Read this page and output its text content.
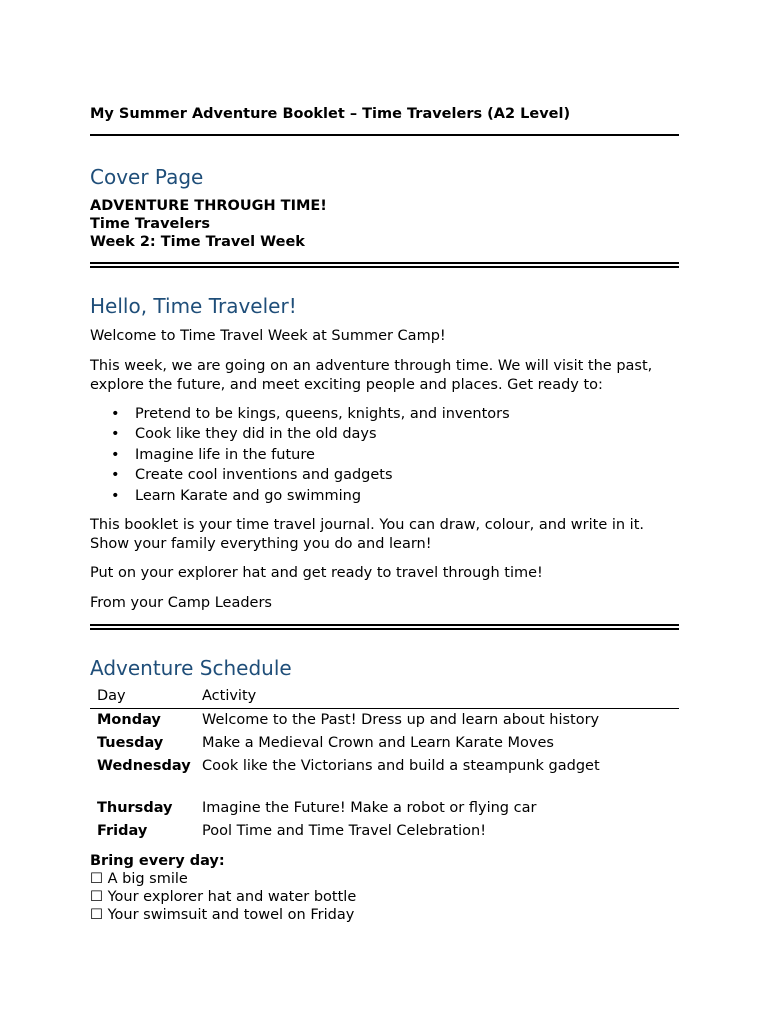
My Summer Adventure Booklet – Time Travelers (A2 Level)
Cover Page
ADVENTURE THROUGH TIME!
Time Travelers
Week 2: Time Travel Week
Hello, Time Traveler!

Welcome to Time Travel Week at Summer Camp!

This week, we are going on an adventure through time. We will visit the past, explore the future, and meet exciting people and places. Get ready to:

• Pretend to be kings, queens, knights, and inventors
• Cook like they did in the old days
• Imagine life in the future
• Create cool inventions and gadgets
• Learn Karate and go swimming

This booklet is your time travel journal. You can draw, colour, and write in it. Show your family everything you do and learn!

Put on your explorer hat and get ready to travel through time!

From your Camp Leaders

Adventure Schedule
Day	Activity
Monday	Welcome to the Past! Dress up and learn about history
Tuesday	Make a Medieval Crown and Learn Karate Moves
Wednesday	Cook like the Victorians and build a steampunk gadget
Thursday	Imagine the Future! Make a robot or flying car
Friday	Pool Time and Time Travel Celebration!
Bring every day:
☐ A big smile
☐ Your explorer hat and water bottle
☐ Your swimsuit and towel on Friday
